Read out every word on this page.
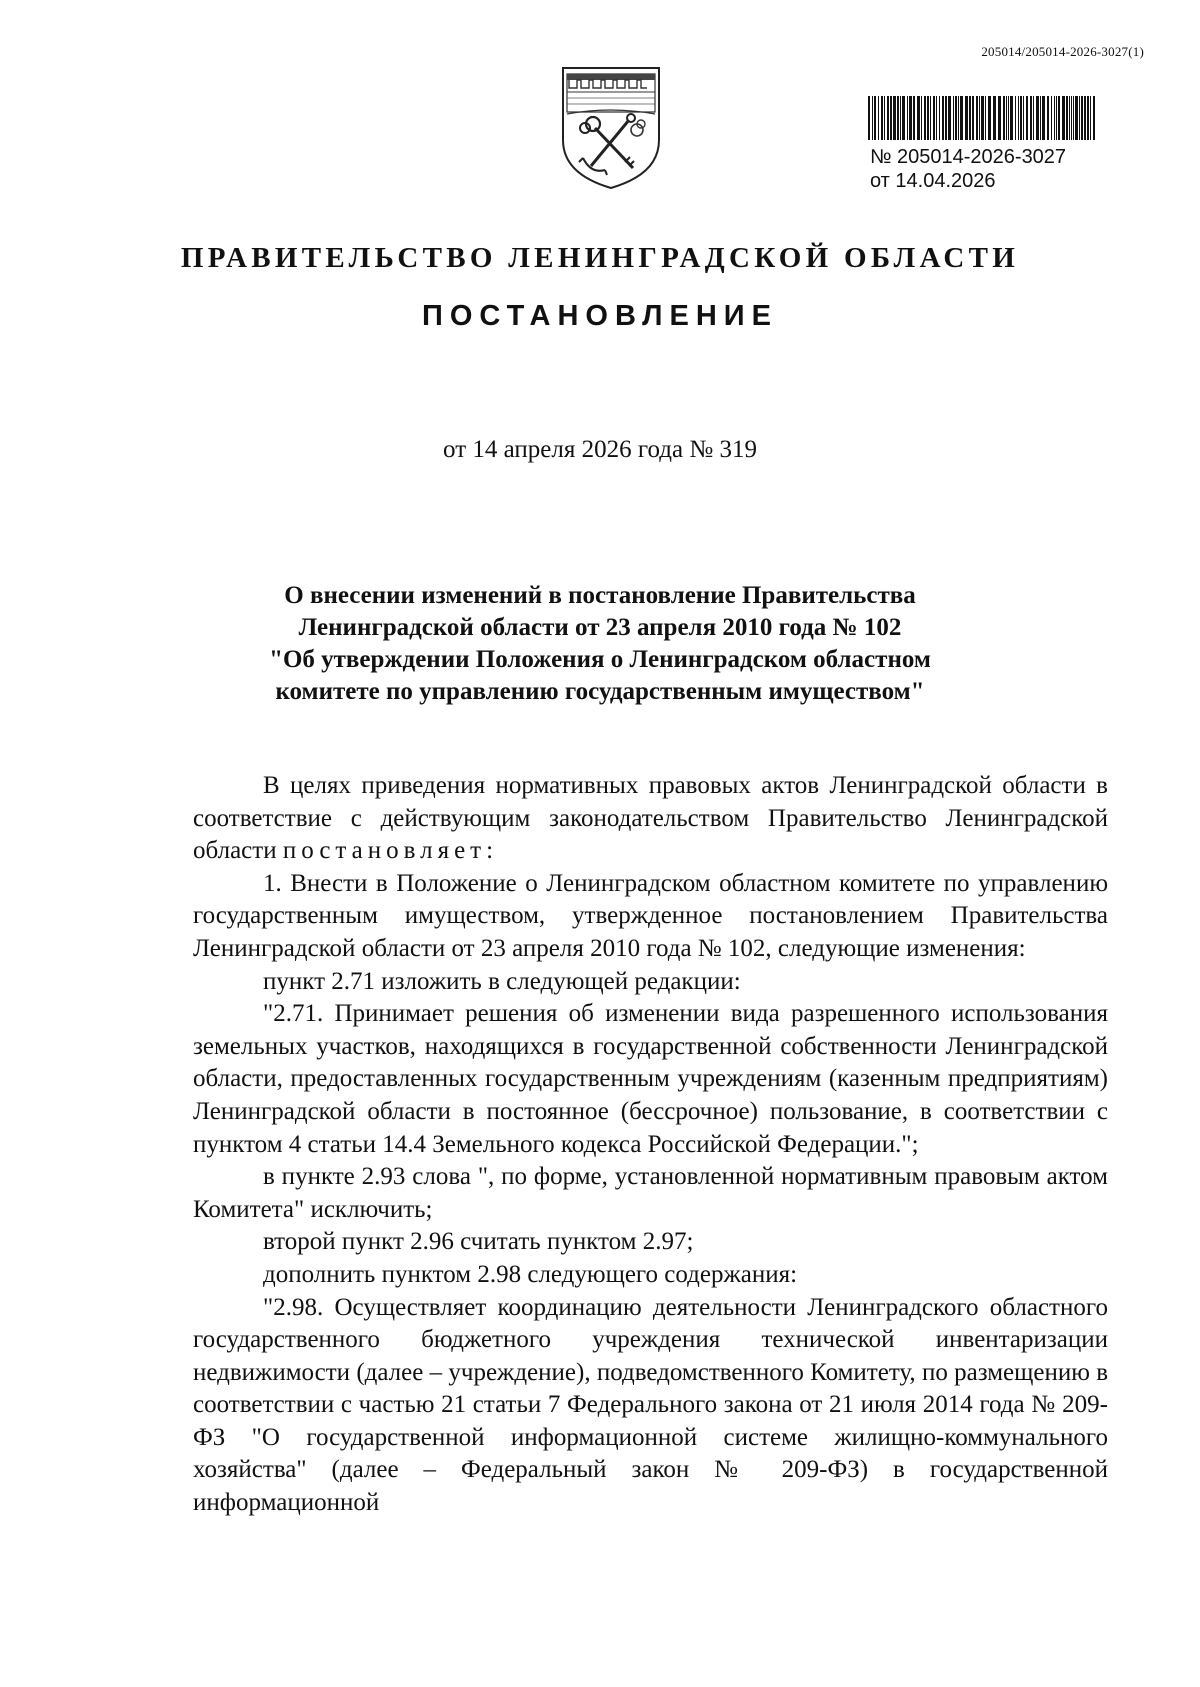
205014/205014-2026-3027(1)
№ 205014-2026-3027
от 14.04.2026
ПРАВИТЕЛЬСТВО ЛЕНИНГРАДСКОЙ ОБЛАСТИ
ПОСТАНОВЛЕНИЕ
от 14 апреля 2026 года № 319
О внесении изменений в постановление Правительства
Ленинградской области от 23 апреля 2010 года № 102
"Об утверждении Положения о Ленинградском областном
комитете по управлению государственным имуществом"

В целях приведения нормативных правовых актов Ленинградской области в соответствие с действующим законодательством Правительство Ленинградской области постановляет:

1. Внести в Положение о Ленинградском областном комитете по управлению государственным имуществом, утвержденное постановлением Правительства Ленинградской области от 23 апреля 2010 года № 102, следующие изменения:

пункт 2.71 изложить в следующей редакции:

"2.71. Принимает решения об изменении вида разрешенного использования земельных участков, находящихся в государственной собственности Ленинградской области, предоставленных государственным учреждениям (казенным предприятиям) Ленинградской области в постоянное (бессрочное) пользование, в соответствии с пунктом 4 статьи 14.4 Земельного кодекса Российской Федерации.";

в пункте 2.93 слова ", по форме, установленной нормативным правовым актом Комитета" исключить;

второй пункт 2.96 считать пунктом 2.97;

дополнить пунктом 2.98 следующего содержания:

"2.98. Осуществляет координацию деятельности Ленинградского областного государственного бюджетного учреждения технической инвентаризации недвижимости (далее – учреждение), подведомственного Комитету, по размещению в соответствии с частью 21 статьи 7 Федерального закона от 21 июля 2014 года № 209-ФЗ "О государственной информационной системе жилищно-коммунального хозяйства" (далее – Федеральный закон № 209-ФЗ) в государственной информационной
